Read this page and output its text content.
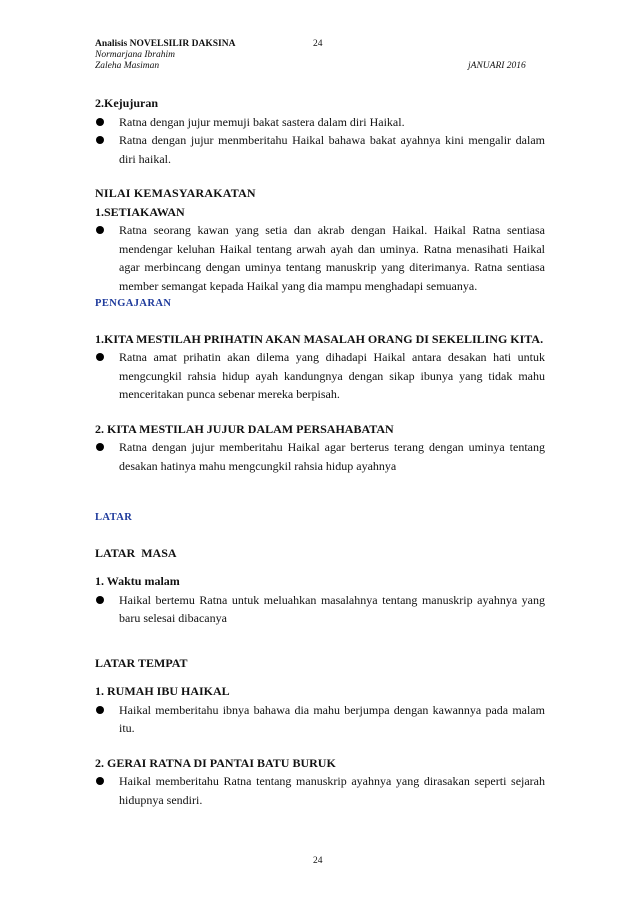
Analisis NOVELSILIR DAKSINA	24
Normarjana Ibrahim
Zaleha Masiman	jANUARI 2016
2.Kejujuran
Ratna dengan jujur memuji bakat sastera dalam diri Haikal.
Ratna dengan jujur menmberitahu Haikal bahawa bakat ayahnya kini mengalir dalam diri haikal.
NILAI KEMASYARAKATAN
1.SETIAKAWAN
Ratna seorang kawan yang setia dan akrab dengan Haikal. Haikal Ratna sentiasa mendengar keluhan Haikal tentang arwah ayah dan uminya. Ratna menasihati Haikal agar merbincang dengan uminya tentang manuskrip yang diterimanya. Ratna sentiasa member semangat kepada Haikal yang dia mampu menghadapi semuanya.
PENGAJARAN
1.KITA MESTILAH PRIHATIN AKAN MASALAH ORANG DI SEKELILING KITA.
Ratna amat prihatin akan dilema yang dihadapi Haikal antara desakan hati untuk mengcungkil rahsia hidup ayah kandungnya dengan sikap ibunya yang tidak mahu menceritakan punca sebenar mereka berpisah.
2. KITA MESTILAH JUJUR DALAM PERSAHABATAN
Ratna dengan jujur memberitahu Haikal agar berterus terang dengan uminya tentang desakan hatinya mahu mengcungkil rahsia hidup ayahnya
LATAR
LATAR  MASA
1. Waktu malam
Haikal bertemu Ratna untuk meluahkan masalahnya tentang manuskrip ayahnya yang baru selesai dibacanya
LATAR TEMPAT
1. RUMAH IBU HAIKAL
Haikal memberitahu ibnya bahawa dia mahu berjumpa dengan kawannya pada malam itu.
2. GERAI RATNA DI PANTAI BATU BURUK
Haikal memberitahu Ratna tentang manuskrip ayahnya yang dirasakan seperti sejarah hidupnya sendiri.
24
